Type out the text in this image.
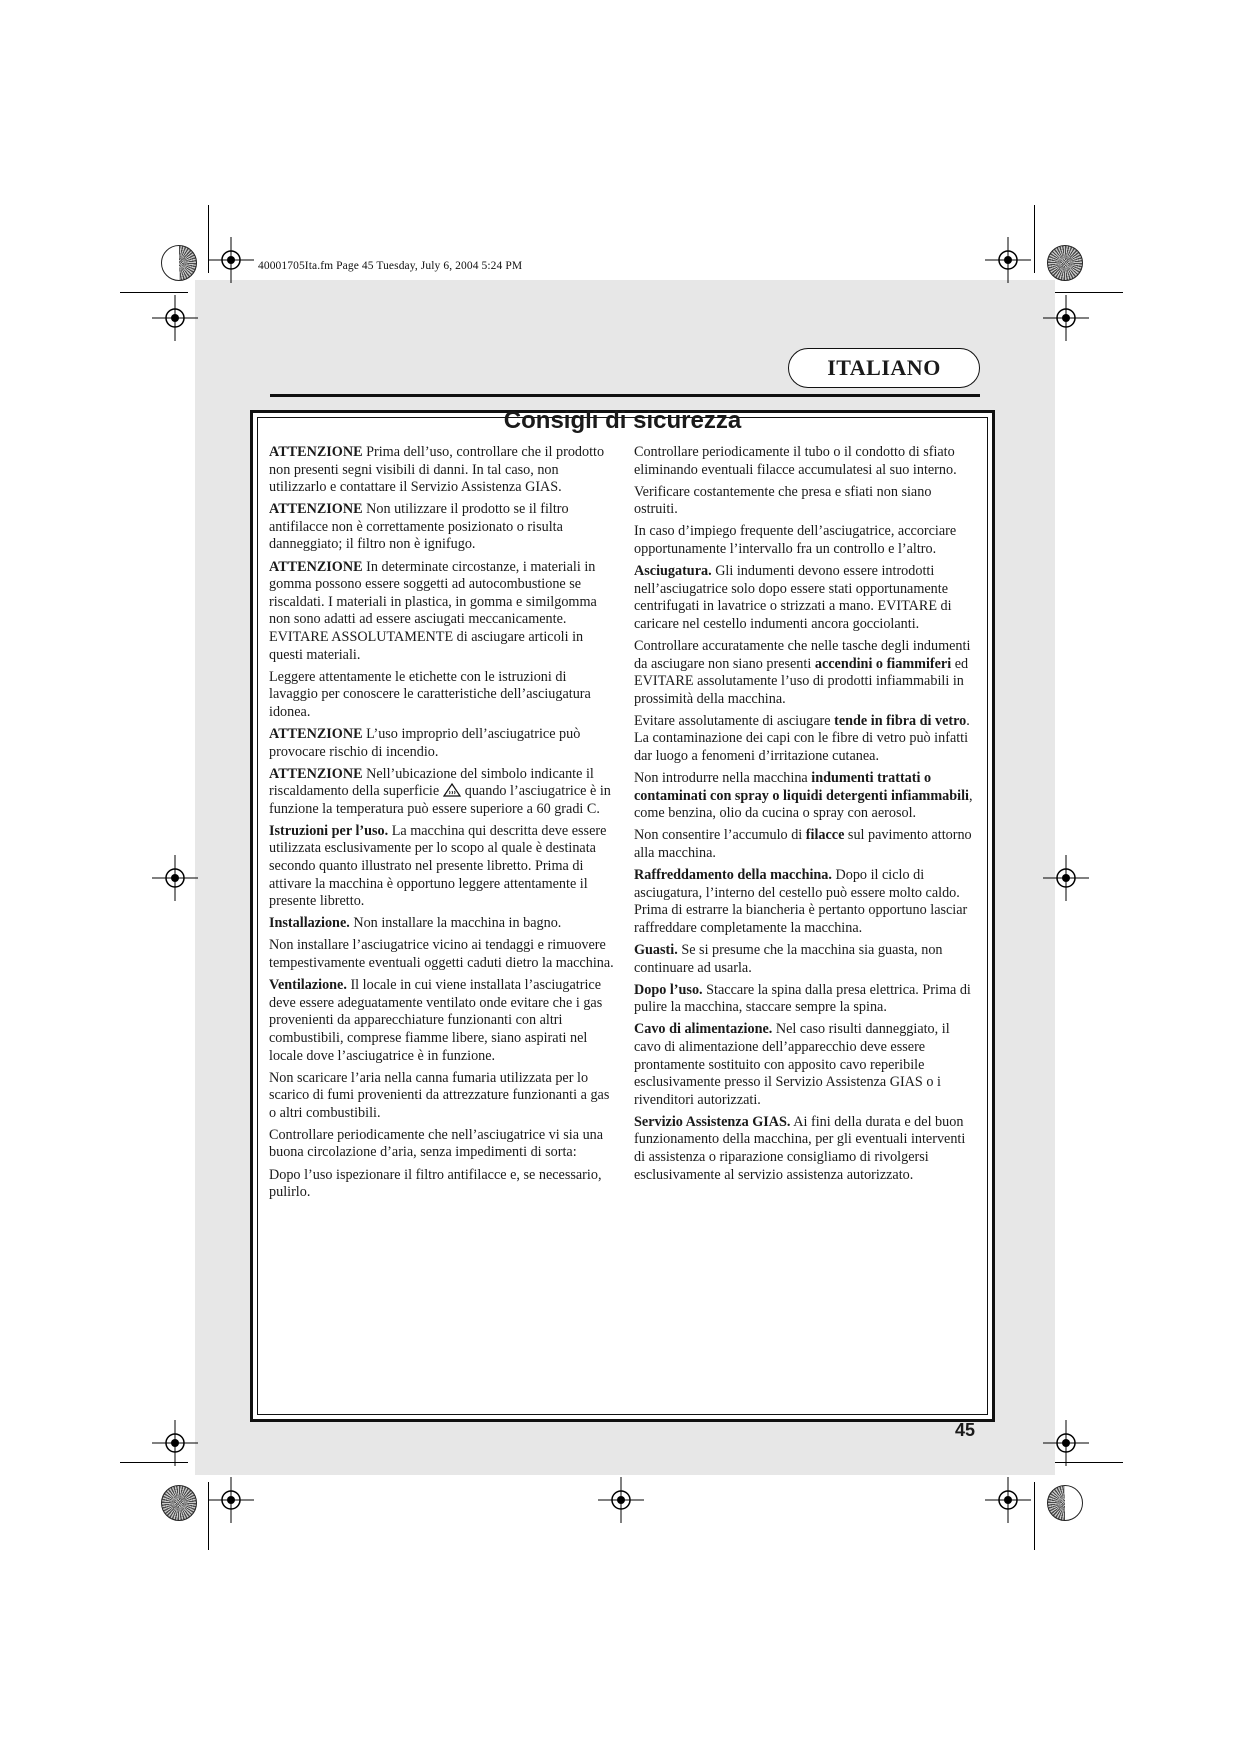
40001705Ita.fm Page 45 Tuesday, July 6, 2004 5:24 PM
ITALIANO
Consigli di sicurezza

ATTENZIONE Prima dell’uso, controllare che il prodotto non presenti segni visibili di danni. In tal caso, non utilizzarlo e contattare il Servizio Assistenza GIAS.

ATTENZIONE Non utilizzare il prodotto se il filtro antifilacce non è correttamente posizionato o risulta danneggiato; il filtro non è ignifugo.

ATTENZIONE In determinate circostanze, i materiali in gomma possono essere soggetti ad autocombustione se riscaldati. I materiali in plastica, in gomma e similgomma non sono adatti ad essere asciugati meccanicamente. EVITARE ASSOLUTAMENTE di asciugare articoli in questi materiali.

Leggere attentamente le etichette con le istruzioni di lavaggio per conoscere le caratteristiche dell’asciugatura idonea.

ATTENZIONE L’uso improprio dell’asciugatrice può provocare rischio di incendio.

ATTENZIONE Nell’ubicazione del simbolo indicante il riscaldamento della superficie quando l’asciugatrice è in funzione la temperatura può essere superiore a 60 gradi C.

Istruzioni per l’uso. La macchina qui descritta deve essere utilizzata esclusivamente per lo scopo al quale è destinata secondo quanto illustrato nel presente libretto. Prima di attivare la macchina è opportuno leggere attentamente il presente libretto.

Installazione. Non installare la macchina in bagno.

Non installare l’asciugatrice vicino ai tendaggi e rimuovere tempestivamente eventuali oggetti caduti dietro la macchina.

Ventilazione. Il locale in cui viene installata l’asciugatrice deve essere adeguatamente ventilato onde evitare che i gas provenienti da apparecchiature funzionanti con altri combustibili, comprese fiamme libere, siano aspirati nel locale dove l’asciugatrice è in funzione.

Non scaricare l’aria nella canna fumaria utilizzata per lo scarico di fumi provenienti da attrezzature funzionanti a gas o altri combustibili.

Controllare periodicamente che nell’asciugatrice vi sia una buona circolazione d’aria, senza impedimenti di sorta:

Dopo l’uso ispezionare il filtro antifilacce e, se necessario, pulirlo.

Controllare periodicamente il tubo o il condotto di sfiato eliminando eventuali filacce accumulatesi al suo interno.

Verificare costantemente che presa e sfiati non siano ostruiti.

In caso d’impiego frequente dell’asciugatrice, accorciare opportunamente l’intervallo fra un controllo e l’altro.

Asciugatura. Gli indumenti devono essere introdotti nell’asciugatrice solo dopo essere stati opportunamente centrifugati in lavatrice o strizzati a mano. EVITARE di caricare nel cestello indumenti ancora gocciolanti.

Controllare accuratamente che nelle tasche degli indumenti da asciugare non siano presenti accendini o fiammiferi ed EVITARE assolutamente l’uso di prodotti infiammabili in prossimità della macchina.

Evitare assolutamente di asciugare tende in fibra di vetro. La contaminazione dei capi con le fibre di vetro può infatti dar luogo a fenomeni d’irritazione cutanea.

Non introdurre nella macchina indumenti trattati o contaminati con spray o liquidi detergenti infiammabili, come benzina, olio da cucina o spray con aerosol.

Non consentire l’accumulo di filacce sul pavimento attorno alla macchina.

Raffreddamento della macchina. Dopo il ciclo di asciugatura, l’interno del cestello può essere molto caldo. Prima di estrarre la biancheria è pertanto opportuno lasciar raffreddare completamente la macchina.

Guasti. Se si presume che la macchina sia guasta, non continuare ad usarla.

Dopo l’uso. Staccare la spina dalla presa elettrica. Prima di pulire la macchina, staccare sempre la spina.

Cavo di alimentazione. Nel caso risulti danneggiato, il cavo di alimentazione dell’apparecchio deve essere prontamente sostituito con apposito cavo reperibile esclusivamente presso il Servizio Assistenza GIAS o i rivenditori autorizzati.

Servizio Assistenza GIAS. Ai fini della durata e del buon funzionamento della macchina, per gli eventuali interventi di assistenza o riparazione consigliamo di rivolgersi esclusivamente al servizio assistenza autorizzato.

45
